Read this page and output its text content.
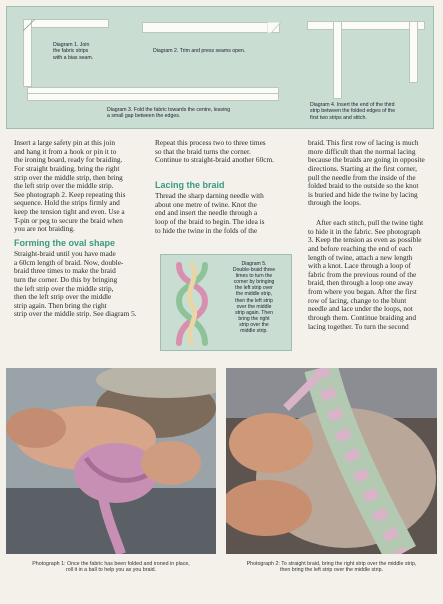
Diagram 1. Join
the fabric strips
with a bias seam.
Diagram 2. Trim and press seams open.
Diagram 3. Fold the fabric towards the centre, leaving
a small gap between the edges.
Diagram 4. Insert the end of the third
strip between the folded edges of the
first two strips and stitch.
Insert a large safety pin at this join
and hang it from a hook or pin it to
the ironing board, ready for braiding.
For straight braiding, bring the right
strip over the middle strip, then bring
the left strip over the middle strip.
See photograph 2. Keep repeating this
sequence. Hold the strips firmly and
keep the tension tight and even. Use a
T-pin or peg to secure the braid when
you are not braiding.
Forming the oval shape
Straight-braid until you have made
a 60cm length of braid. Now, double-
braid three times to make the braid
turn the corner. Do this by bringing
the left strip over the middle strip,
then the left strip over the middle
strip again. Then bring the right
strip over the middle strip. See diagram 5.
Repeat this process two to three times
so that the braid turns the corner.
Continue to straight-braid another 60cm.
Lacing the braid
Thread the sharp darning needle with
about one metre of twine. Knot the
end and insert the needle through a
loop of the braid to begin. The idea is
to hide the twine in the folds of the
Diagram 5.
Double-braid three
times to turn the
corner by bringing
the left strip over
the middle strip,
then the left strip
over the middle
strip again. Then
bring the right
strip over the
middle strip.
braid. This first row of lacing is much
more difficult than the normal lacing
because the braids are going in opposite
directions. Starting at the first corner,
pull the needle from the inside of the
folded braid to the outside so the knot
is buried and hide the twine by lacing
through the loops.
After each stitch, pull the twine tight
to hide it in the fabric. See photograph
3. Keep the tension as even as possible
and before reaching the end of each
length of twine, attach a new length
with a knot. Lace through a loop of
fabric from the previous round of the
braid, then through a loop one away
from where you began. After the first
row of lacing, change to the blunt
needle and lace under the loops, not
through them. Continue braiding and
lacing together. To turn the second
Photograph 1: Once the fabric has been folded and ironed in place,
roll it in a ball to help you as you braid.
Photograph 2: To straight braid, bring the right strip over the middle strip,
then bring the left strip over the middle strip.
